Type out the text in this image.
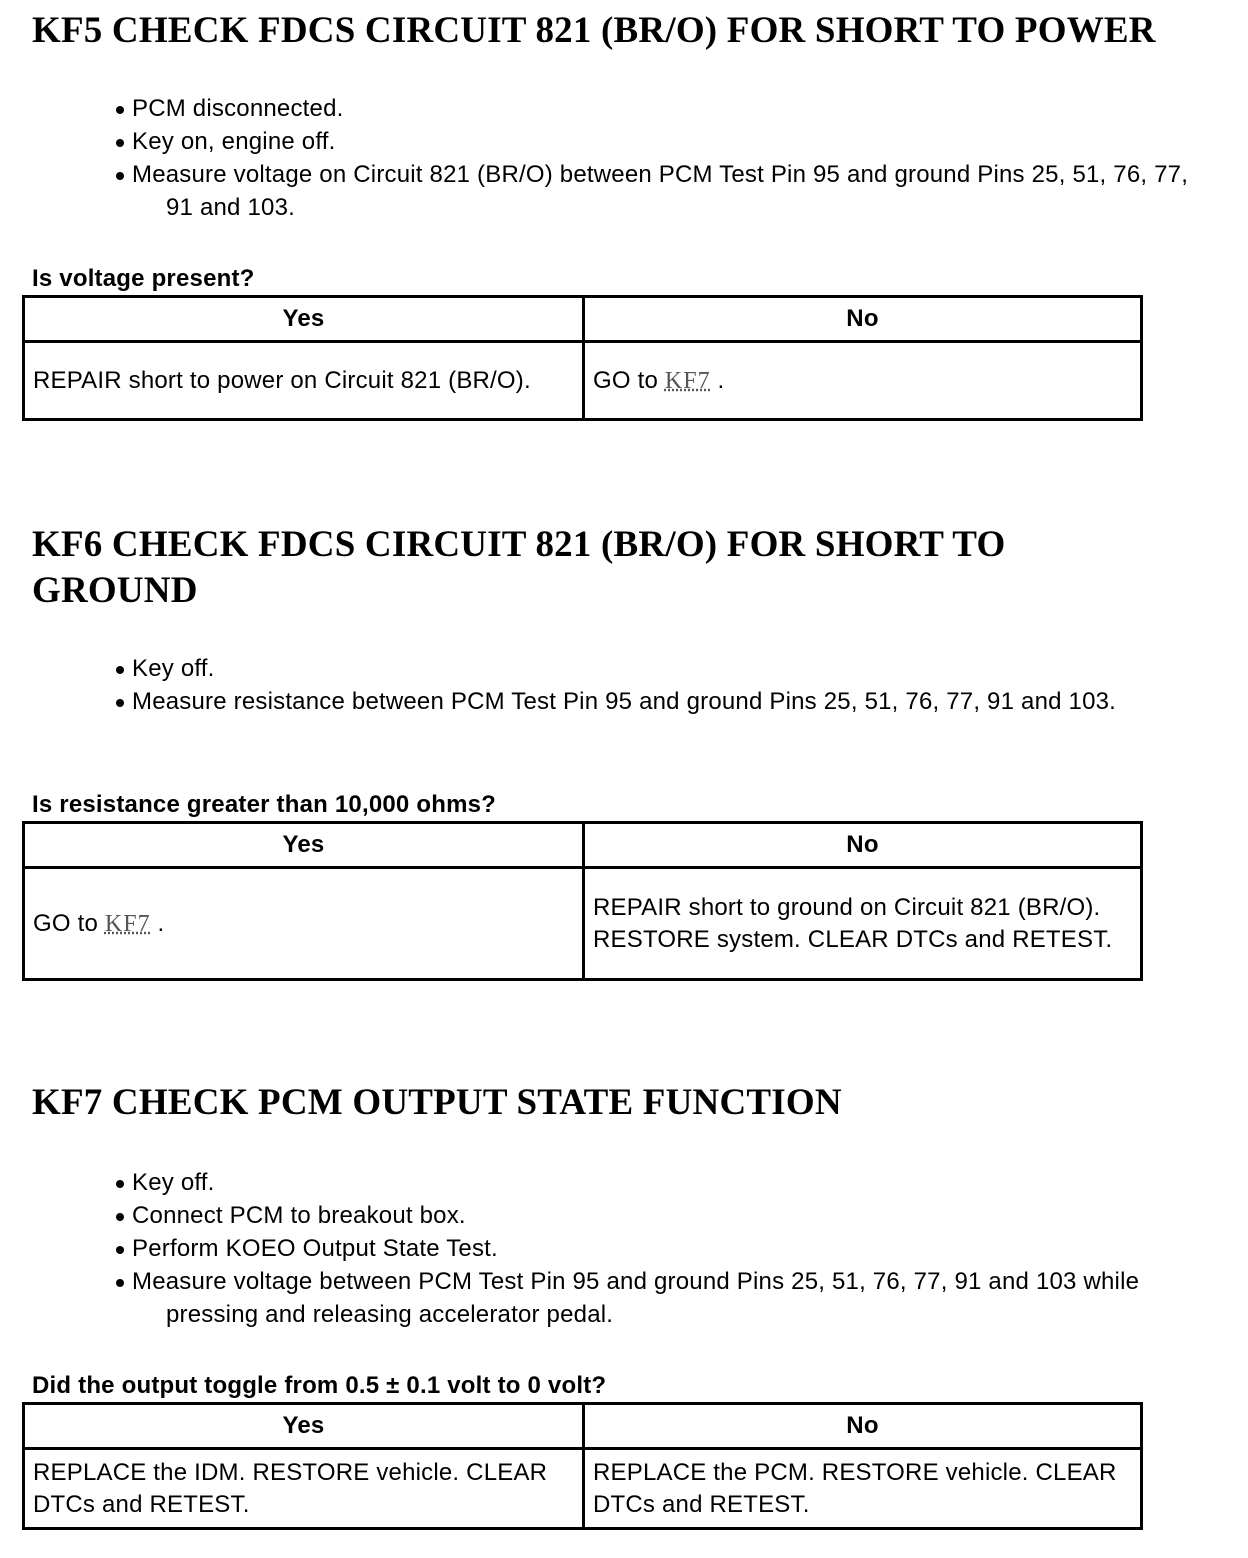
KF5 CHECK FDCS CIRCUIT 821 (BR/O) FOR SHORT TO POWER
PCM disconnected.
Key on, engine off.
Measure voltage on Circuit 821 (BR/O) between PCM Test Pin 95 and ground Pins 25, 51, 76, 77, 91 and 103.

Is voltage present?

Yes	No
REPAIR short to power on Circuit 821 (BR/O).	GO to KF7 .
KF6 CHECK FDCS CIRCUIT 821 (BR/O) FOR SHORT TO GROUND
Key off.
Measure resistance between PCM Test Pin 95 and ground Pins 25, 51, 76, 77, 91 and 103.

Is resistance greater than 10,000 ohms?

Yes	No
GO to KF7 .	REPAIR short to ground on Circuit 821 (BR/O). RESTORE system. CLEAR DTCs and RETEST.
KF7 CHECK PCM OUTPUT STATE FUNCTION
Key off.
Connect PCM to breakout box.
Perform KOEO Output State Test.
Measure voltage between PCM Test Pin 95 and ground Pins 25, 51, 76, 77, 91 and 103 while pressing and releasing accelerator pedal.

Did the output toggle from 0.5 ± 0.1 volt to 0 volt?

Yes	No
REPLACE the IDM. RESTORE vehicle. CLEAR DTCs and RETEST.	REPLACE the PCM. RESTORE vehicle. CLEAR DTCs and RETEST.
